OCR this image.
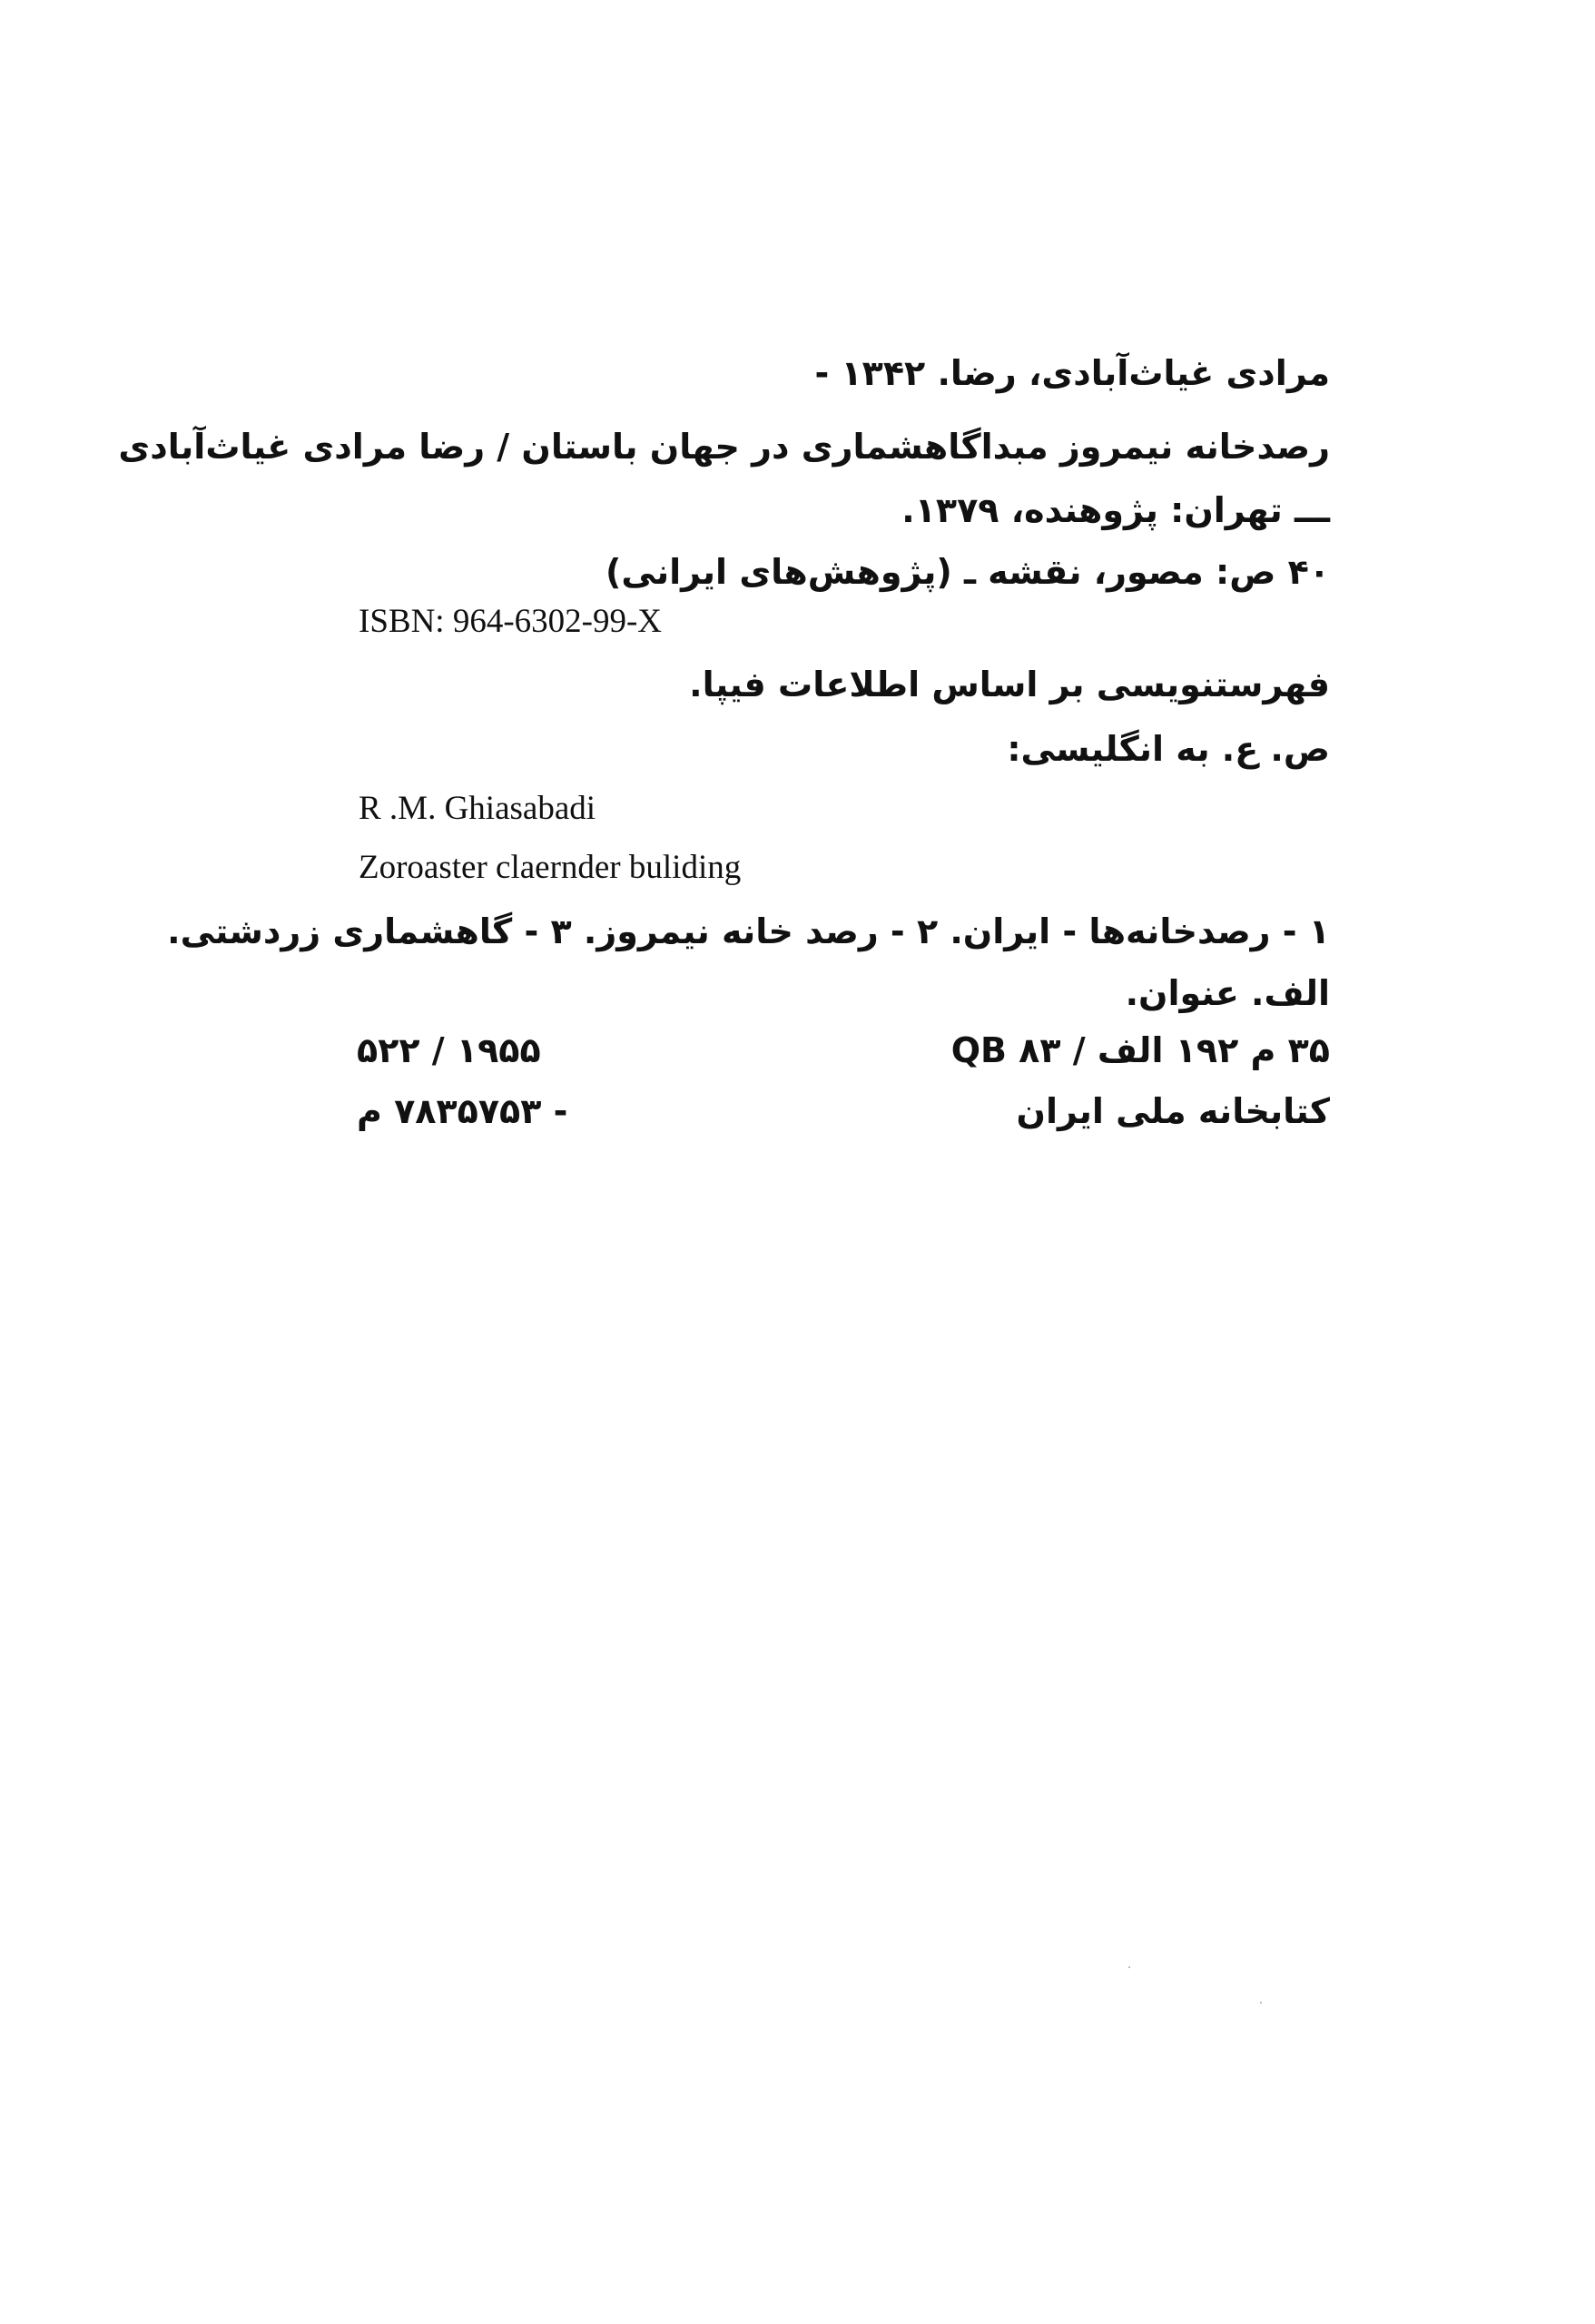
مرادی غیاث‌آبادی، رضا. ۱۳۴۲ -
رصدخانه نیمروز مبداگاهشماری در جهان باستان / رضا مرادی غیاث‌آبادی
ـــ تهران: پژوهنده، ۱۳۷۹.
۴۰ ص: مصور، نقشه ـ (پژوهش‌های ایرانی)
ISBN: 964-6302-99-X
فهرستنویسی بر اساس اطلاعات فیپا.
ص. ع. به انگلیسی:
R .M. Ghiasabadi
Zoroaster claernder buliding
۱ - رصدخانه‌ها - ایران. ۲ - رصد خانه نیمروز. ۳ - گاهشماری زردشتی.
الف. عنوان.
۳۵ م ۱۹۲ الف / QB ۸۳
۵۲۲ / ۱۹۵۵
کتابخانه ملی ایران
- ۷۸۳۵۷۵۳ م
